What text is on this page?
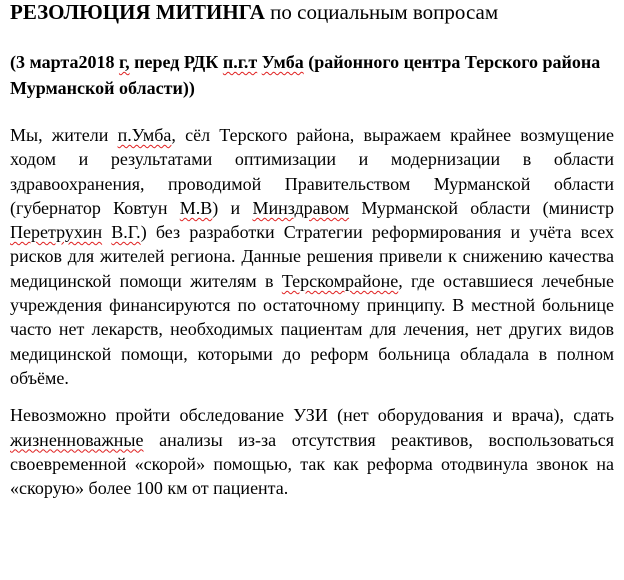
РЕЗОЛЮЦИЯ МИТИНГА по социальным вопросам

(3 марта2018 г, перед РДК п.г.т Умба (районного центра Терского района Мурманской области))

Мы, жители п.Умба, сёл Терского района, выражаем крайнее возмущение ходом и результатами оптимизации и модернизации в области здравоохранения, проводимой Правительством Мурманской области (губернатор Ковтун М.В) и Минздравом Мурманской области (министр Перетрухин В.Г.) без разработки Стратегии реформирования и учёта всех рисков для жителей региона. Данные решения привели к снижению качества медицинской помощи жителям в Терскомрайоне, где оставшиеся лечебные учреждения финансируются по остаточному принципу. В местной больнице часто нет лекарств, необходимых пациентам для лечения, нет других видов медицинской помощи, которыми до реформ больница обладала в полном объёме.

Невозможно пройти обследование УЗИ (нет оборудования и врача), сдать жизненноважные анализы из-за отсутствия реактивов, воспользоваться своевременной «скорой» помощью, так как реформа отодвинула звонок на «скорую» более 100 км от пациента.
